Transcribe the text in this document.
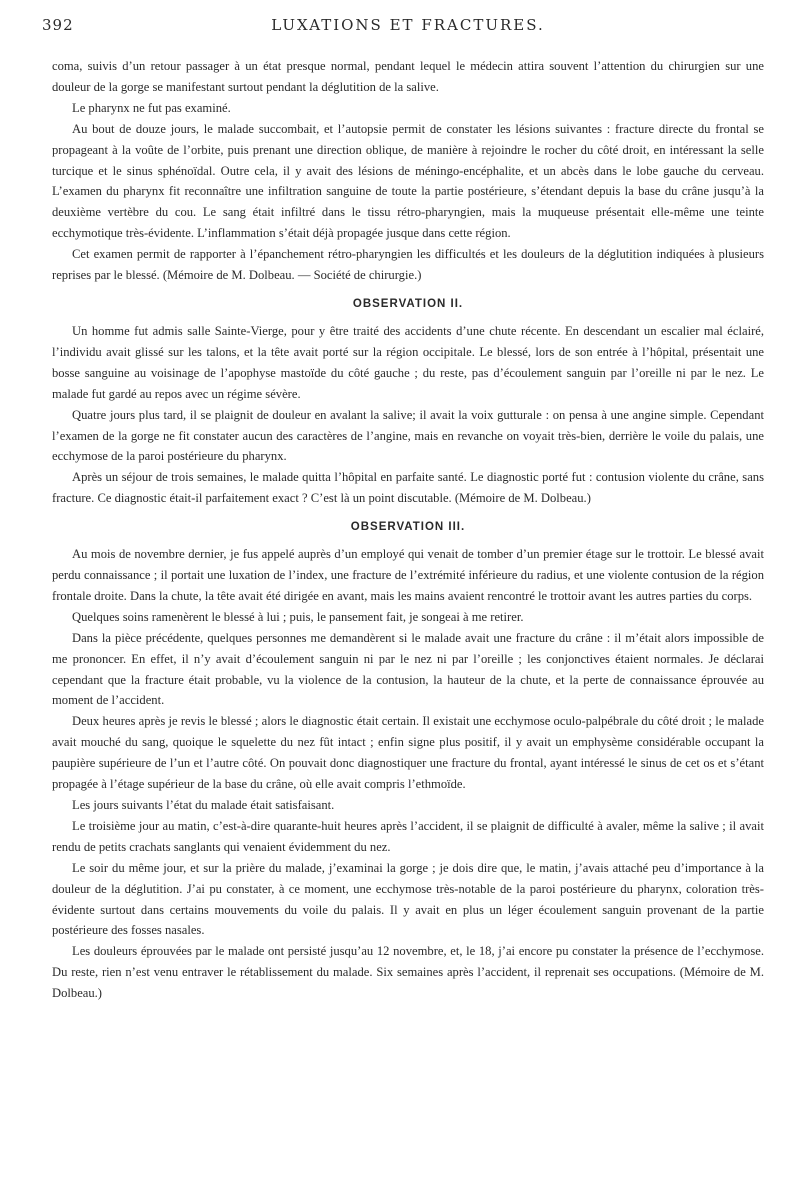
392	LUXATIONS ET FRACTURES.

coma, suivis d’un retour passager à un état presque normal, pendant lequel le médecin attira souvent l’attention du chirurgien sur une douleur de la gorge se manifestant surtout pendant la déglutition de la salive.

Le pharynx ne fut pas examiné.

Au bout de douze jours, le malade succombait, et l’autopsie permit de constater les lésions suivantes : fracture directe du frontal se propageant à la voûte de l’orbite, puis prenant une direction oblique, de manière à rejoindre le rocher du côté droit, en intéressant la selle turcique et le sinus sphénoïdal. Outre cela, il y avait des lésions de méningo-encéphalite, et un abcès dans le lobe gauche du cerveau. L’examen du pharynx fit reconnaître une infiltration sanguine de toute la partie postérieure, s’étendant depuis la base du crâne jusqu’à la deuxième vertèbre du cou. Le sang était infiltré dans le tissu rétro-pharyngien, mais la muqueuse présentait elle-même une teinte ecchymotique très-évidente. L’inflammation s’était déjà propagée jusque dans cette région.

Cet examen permit de rapporter à l’épanchement rétro-pharyngien les difficultés et les douleurs de la déglutition indiquées à plusieurs reprises par le blessé. (Mémoire de M. Dolbeau. — Société de chirurgie.)

OBSERVATION II.

Un homme fut admis salle Sainte-Vierge, pour y être traité des accidents d’une chute récente. En descendant un escalier mal éclairé, l’individu avait glissé sur les talons, et la tête avait porté sur la région occipitale. Le blessé, lors de son entrée à l’hôpital, présentait une bosse sanguine au voisinage de l’apophyse mastoïde du côté gauche ; du reste, pas d’écoulement sanguin par l’oreille ni par le nez. Le malade fut gardé au repos avec un régime sévère.

Quatre jours plus tard, il se plaignit de douleur en avalant la salive; il avait la voix gutturale : on pensa à une angine simple. Cependant l’examen de la gorge ne fit constater aucun des caractères de l’angine, mais en revanche on voyait très-bien, derrière le voile du palais, une ecchymose de la paroi postérieure du pharynx.

Après un séjour de trois semaines, le malade quitta l’hôpital en parfaite santé. Le diagnostic porté fut : contusion violente du crâne, sans fracture. Ce diagnostic était-il parfaitement exact ? C’est là un point discutable. (Mémoire de M. Dolbeau.)

OBSERVATION III.

Au mois de novembre dernier, je fus appelé auprès d’un employé qui venait de tomber d’un premier étage sur le trottoir. Le blessé avait perdu connaissance ; il portait une luxation de l’index, une fracture de l’extrémité inférieure du radius, et une violente contusion de la région frontale droite. Dans la chute, la tête avait été dirigée en avant, mais les mains avaient rencontré le trottoir avant les autres parties du corps.

Quelques soins ramenèrent le blessé à lui ; puis, le pansement fait, je songeai à me retirer.

Dans la pièce précédente, quelques personnes me demandèrent si le malade avait une fracture du crâne : il m’était alors impossible de me prononcer. En effet, il n’y avait d’écoulement sanguin ni par le nez ni par l’oreille ; les conjonctives étaient normales. Je déclarai cependant que la fracture était probable, vu la violence de la contusion, la hauteur de la chute, et la perte de connaissance éprouvée au moment de l’accident.

Deux heures après je revis le blessé ; alors le diagnostic était certain. Il existait une ecchymose oculo-palpébrale du côté droit ; le malade avait mouché du sang, quoique le squelette du nez fût intact ; enfin signe plus positif, il y avait un emphysème considérable occupant la paupière supérieure de l’un et l’autre côté. On pouvait donc diagnostiquer une fracture du frontal, ayant intéressé le sinus de cet os et s’étant propagée à l’étage supérieur de la base du crâne, où elle avait compris l’ethmoïde.

Les jours suivants l’état du malade était satisfaisant.

Le troisième jour au matin, c’est-à-dire quarante-huit heures après l’accident, il se plaignit de difficulté à avaler, même la salive ; il avait rendu de petits crachats sanglants qui venaient évidemment du nez.

Le soir du même jour, et sur la prière du malade, j’examinai la gorge ; je dois dire que, le matin, j’avais attaché peu d’importance à la douleur de la déglutition. J’ai pu constater, à ce moment, une ecchymose très-notable de la paroi postérieure du pharynx, coloration très-évidente surtout dans certains mouvements du voile du palais. Il y avait en plus un léger écoulement sanguin provenant de la partie postérieure des fosses nasales.

Les douleurs éprouvées par le malade ont persisté jusqu’au 12 novembre, et, le 18, j’ai encore pu constater la présence de l’ecchymose. Du reste, rien n’est venu entraver le rétablissement du malade. Six semaines après l’accident, il reprenait ses occupations. (Mémoire de M. Dolbeau.)
